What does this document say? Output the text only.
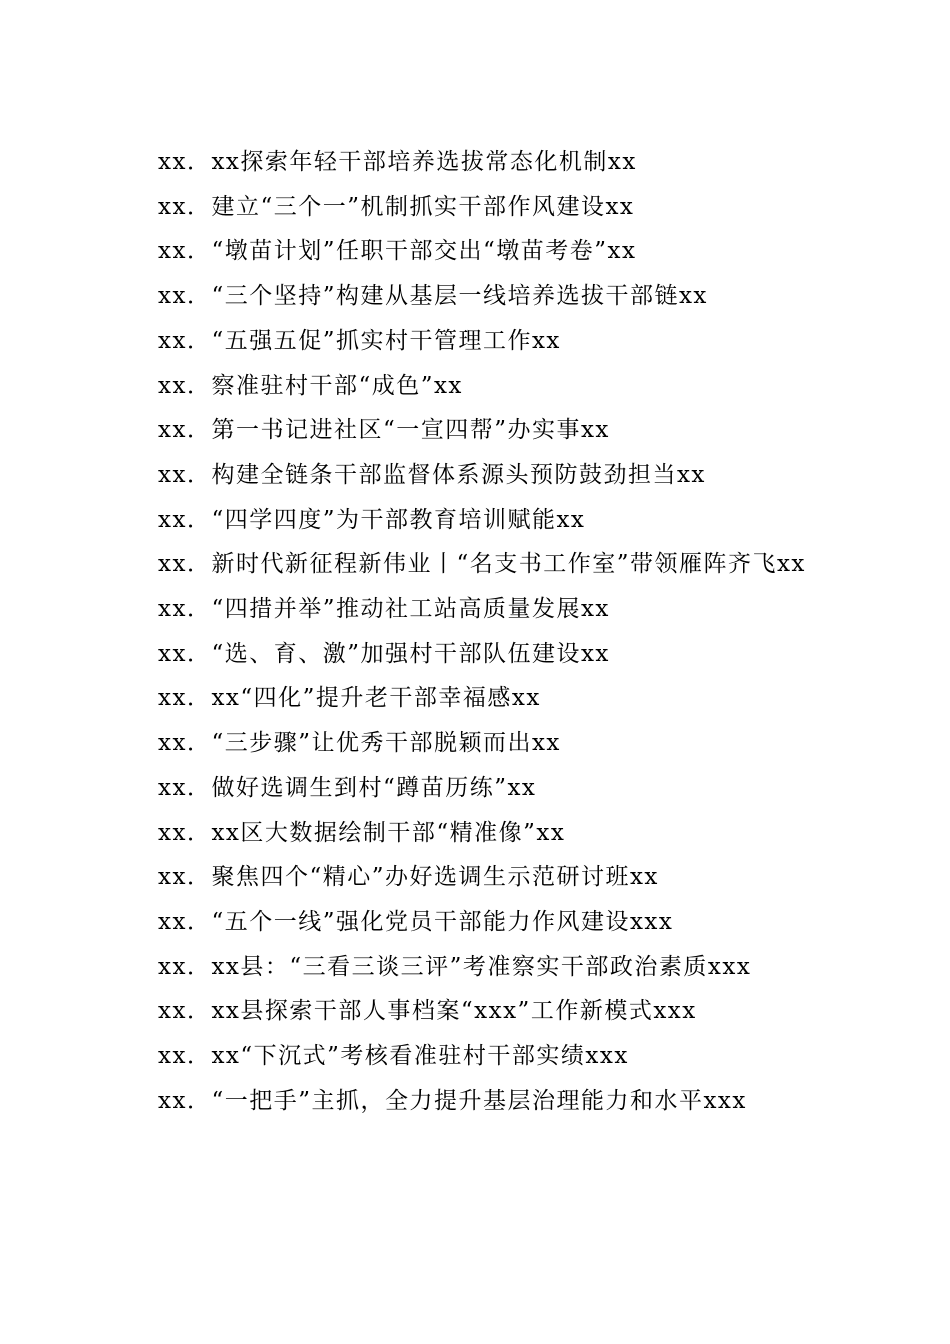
xx．xx探索年轻干部培养选拔常态化机制xx
xx．建立“三个一”机制抓实干部作风建设xx
xx．“墩苗计划”任职干部交出“墩苗考卷”xx
xx．“三个坚持”构建从基层一线培养选拔干部链xx
xx．“五强五促”抓实村干管理工作xx
xx．察准驻村干部“成色”xx
xx．第一书记进社区“一宣四帮”办实事xx
xx．构建全链条干部监督体系源头预防鼓劲担当xx
xx．“四学四度”为干部教育培训赋能xx
xx．新时代新征程新伟业丨“名支书工作室”带领雁阵齐飞xx
xx．“四措并举”推动社工站高质量发展xx
xx．“选、育、激”加强村干部队伍建设xx
xx．xx“四化”提升老干部幸福感xx
xx．“三步骤”让优秀干部脱颖而出xx
xx．做好选调生到村“蹲苗历练”xx
xx．xx区大数据绘制干部“精准像”xx
xx．聚焦四个“精心”办好选调生示范研讨班xx
xx．“五个一线”强化党员干部能力作风建设xxx
xx．xx县：“三看三谈三评”考准察实干部政治素质xxx
xx．xx县探索干部人事档案“xxx”工作新模式xxx
xx．xx“下沉式”考核看准驻村干部实绩xxx
xx．“一把手”主抓，全力提升基层治理能力和水平xxx
